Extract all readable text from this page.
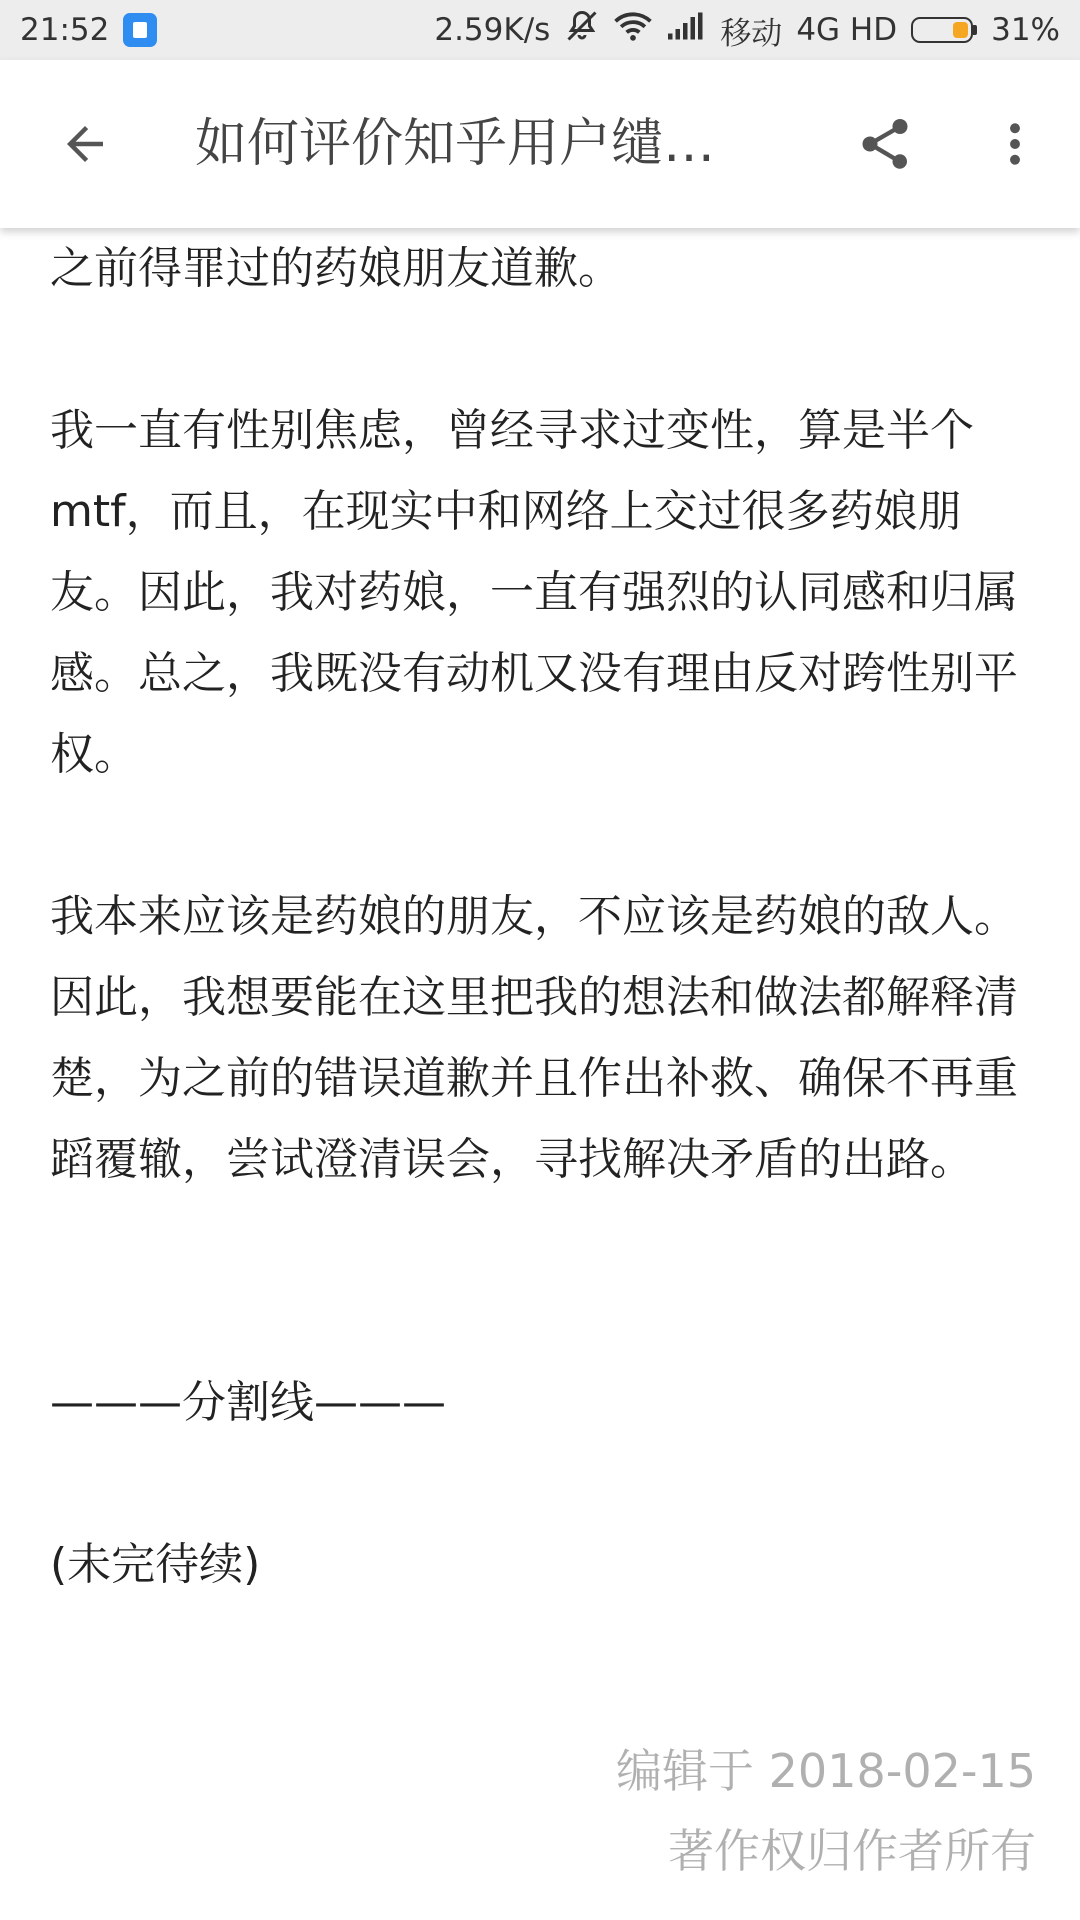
21:52	2.59K/s	移动 4G HD	31%
如何评价知乎用户缱…

之前得罪过的药娘朋友道歉。

我一直有性别焦虑，曾经寻求过变性，算是半个mtf，而且，在现实中和网络上交过很多药娘朋友。因此，我对药娘，一直有强烈的认同感和归属感。总之，我既没有动机又没有理由反对跨性别平权。

我本来应该是药娘的朋友，不应该是药娘的敌人。因此，我想要能在这里把我的想法和做法都解释清楚，为之前的错误道歉并且作出补救、确保不再重蹈覆辙，尝试澄清误会，寻找解决矛盾的出路。

———分割线———

(未完待续)

编辑于 2018-02-15
著作权归作者所有
